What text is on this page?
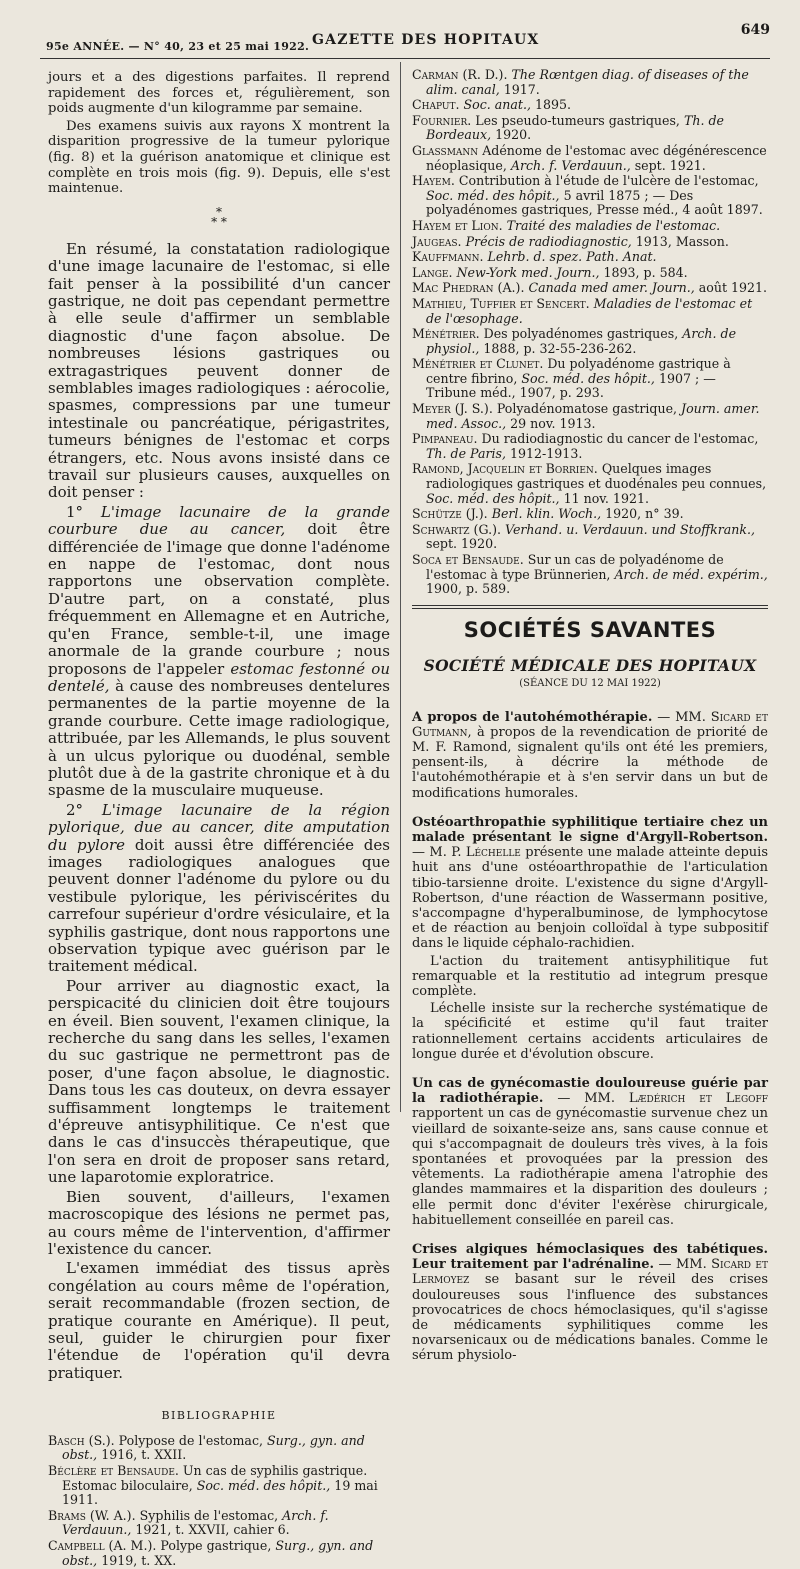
95e ANNÉE. — N° 40, 23 et 25 mai 1922. GAZETTE DES HOPITAUX
649

jours et a des digestions parfaites. Il reprend rapidement des forces et, régulièrement, son poids augmente d'un kilogramme par semaine.

Des examens suivis aux rayons X montrent la disparition progressive de la tumeur pylorique (fig. 8) et la guérison anatomique et clinique est complète en trois mois (fig. 9). Depuis, elle s'est maintenue.

*
* *

En résumé, la constatation radiologique d'une image lacunaire de l'estomac, si elle fait penser à la possibilité d'un cancer gastrique, ne doit pas cependant permettre à elle seule d'affirmer un semblable diagnostic d'une façon absolue. De nombreuses lésions gastriques ou extragastriques peuvent donner de semblables images radiologiques : aérocolie, spasmes, compressions par une tumeur intestinale ou pancréatique, périgastrites, tumeurs bénignes de l'estomac et corps étrangers, etc. Nous avons insisté dans ce travail sur plusieurs causes, auxquelles on doit penser :

1° L'image lacunaire de la grande courbure due au cancer, doit être différenciée de l'image que donne l'adénome en nappe de l'estomac, dont nous rapportons une observation complète. D'autre part, on a constaté, plus fréquemment en Allemagne et en Autriche, qu'en France, semble-t-il, une image anormale de la grande courbure ; nous proposons de l'appeler estomac festonné ou dentelé, à cause des nombreuses dentelures permanentes de la partie moyenne de la grande courbure. Cette image radiologique, attribuée, par les Allemands, le plus souvent à un ulcus pylorique ou duodénal, semble plutôt due à de la gastrite chronique et à du spasme de la musculaire muqueuse.

2° L'image lacunaire de la région pylorique, due au cancer, dite amputation du pylore doit aussi être différenciée des images radiologiques analogues que peuvent donner l'adénome du pylore ou du vestibule pylorique, les périviscérites du carrefour supérieur d'ordre vésiculaire, et la syphilis gastrique, dont nous rapportons une observation typique avec guérison par le traitement médical.

Pour arriver au diagnostic exact, la perspicacité du clinicien doit être toujours en éveil. Bien souvent, l'examen clinique, la recherche du sang dans les selles, l'examen du suc gastrique ne permettront pas de poser, d'une façon absolue, le diagnostic. Dans tous les cas douteux, on devra essayer suffisamment longtemps le traitement d'épreuve antisyphilitique. Ce n'est que dans le cas d'insuccès thérapeutique, que l'on sera en droit de proposer sans retard, une laparotomie exploratrice.

Bien souvent, d'ailleurs, l'examen macroscopique des lésions ne permet pas, au cours même de l'intervention, d'affirmer l'existence du cancer.

L'examen immédiat des tissus après congélation au cours même de l'opération, serait recommandable (frozen section, de pratique courante en Amérique). Il peut, seul, guider le chirurgien pour fixer l'étendue de l'opération qu'il devra pratiquer.

BIBLIOGRAPHIE

Basch (S.). Polypose de l'estomac, Surg., gyn. and obst., 1916, t. XXII.

Béclère et Bensaude. Un cas de syphilis gastrique. Estomac biloculaire, Soc. méd. des hôpit., 19 mai 1911.

Brams (W. A.). Syphilis de l'estomac, Arch. f. Verdauun., 1921, t. XXVII, cahier 6.

Campbell (A. M.). Polype gastrique, Surg., gyn. and obst., 1919, t. XX.

Carman (R. D.). The Rœntgen diag. of diseases of the alim. canal, 1917.

Chaput. Soc. anat., 1895.

Fournier. Les pseudo-tumeurs gastriques, Th. de Bordeaux, 1920.

Glassmann Adénome de l'estomac avec dégénérescence néoplasique, Arch. f. Verdauun., sept. 1921.

Hayem. Contribution à l'étude de l'ulcère de l'estomac, Soc. méd. des hôpit., 5 avril 1875 ; — Des polyadénomes gastriques, Presse méd., 4 août 1897.

Hayem et Lion. Traité des maladies de l'estomac.

Jaugeas. Précis de radiodiagnostic, 1913, Masson.

Kauffmann. Lehrb. d. spez. Path. Anat.

Lange. New-York med. Journ., 1893, p. 584.

Mac Phedran (A.). Canada med amer. Journ., août 1921.

Mathieu, Tuffier et Sencert. Maladies de l'estomac et de l'œsophage.

Ménétrier. Des polyadénomes gastriques, Arch. de physiol., 1888, p. 32-55-236-262.

Ménétrier et Clunet. Du polyadénome gastrique à centre fibrino, Soc. méd. des hôpit., 1907 ; — Tribune méd., 1907, p. 293.

Meyer (J. S.). Polyadénomatose gastrique, Journ. amer. med. Assoc., 29 nov. 1913.

Pimpaneau. Du radiodiagnostic du cancer de l'estomac, Th. de Paris, 1912-1913.

Ramond, Jacquelin et Borrien. Quelques images radiologiques gastriques et duodénales peu connues, Soc. méd. des hôpit., 11 nov. 1921.

Schütze (J.). Berl. klin. Woch., 1920, n° 39.

Schwartz (G.). Verhand. u. Verdauun. und Stoffkrank., sept. 1920.

Soca et Bensaude. Sur un cas de polyadénome de l'estomac à type Brünnerien, Arch. de méd. expérim., 1900, p. 589.

SOCIÉTÉS SAVANTES
SOCIÉTÉ MÉDICALE DES HOPITAUX
(SÉANCE DU 12 MAI 1922)

A propos de l'autohémothérapie. — MM. Sicard et Gutmann, à propos de la revendication de priorité de M. F. Ramond, signalent qu'ils ont été les premiers, pensent-ils, à décrire la méthode de l'autohémothérapie et à s'en servir dans un but de modifications humorales.

Ostéoarthropathie syphilitique tertiaire chez un malade présentant le signe d'Argyll-Robertson. — M. P. Léchelle présente une malade atteinte depuis huit ans d'une ostéoarthropathie de l'articulation tibio-tarsienne droite. L'existence du signe d'Argyll-Robertson, d'une réaction de Wassermann positive, s'accompagne d'hyperalbuminose, de lymphocytose et de réaction au benjoin colloïdal à type subpositif dans le liquide céphalo-rachidien.

L'action du traitement antisyphilitique fut remarquable et la restitutio ad integrum presque complète.

Léchelle insiste sur la recherche systématique de la spécificité et estime qu'il faut traiter rationnellement certains accidents articulaires de longue durée et d'évolution obscure.

Un cas de gynécomastie douloureuse guérie par la radiothérapie. — MM. Lædérich et Legoff rapportent un cas de gynécomastie survenue chez un vieillard de soixante-seize ans, sans cause connue et qui s'accompagnait de douleurs très vives, à la fois spontanées et provoquées par la pression des vêtements. La radiothérapie amena l'atrophie des glandes mammaires et la disparition des douleurs ; elle permit donc d'éviter l'exérèse chirurgicale, habituellement conseillée en pareil cas.

Crises algiques hémoclasiques des tabétiques. Leur traitement par l'adrénaline. — MM. Sicard et Lermoyez se basant sur le réveil des crises douloureuses sous l'influence des substances provocatrices de chocs hémoclasiques, qu'il s'agisse de médicaments syphilitiques comme les novarsenicaux ou de médications banales. Comme le sérum physiolo-
